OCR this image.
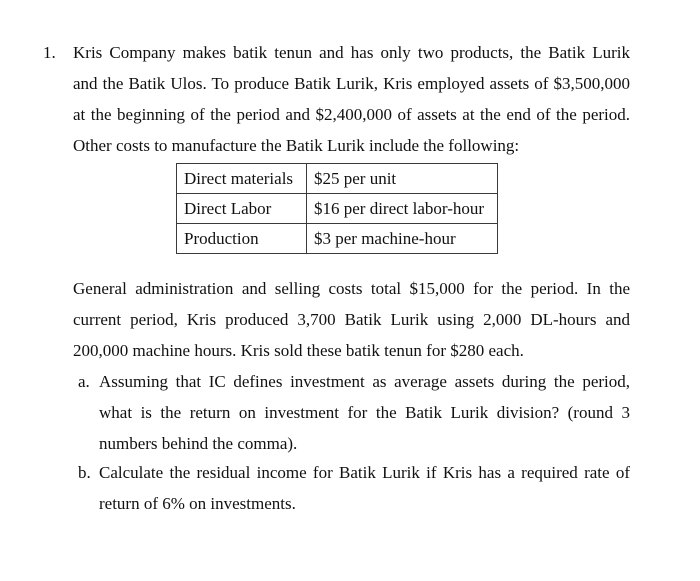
1. Kris Company makes batik tenun and has only two products, the Batik Lurik
and the Batik Ulos. To produce Batik Lurik, Kris employed assets of $3,500,000
at the beginning of the period and $2,400,000 of assets at the end of the period.
Other costs to manufacture the Batik Lurik include the following:
Direct materials	$25 per unit
Direct Labor	$16 per direct labor-hour
Production	$3 per machine-hour
General administration and selling costs total $15,000 for the period. In the
current period, Kris produced 3,700 Batik Lurik using 2,000 DL-hours and
200,000 machine hours. Kris sold these batik tenun for $280 each.
a. Assuming that IC defines investment as average assets during the period,
what is the return on investment for the Batik Lurik division? (round 3
numbers behind the comma).
b. Calculate the residual income for Batik Lurik if Kris has a required rate of
return of 6% on investments.
